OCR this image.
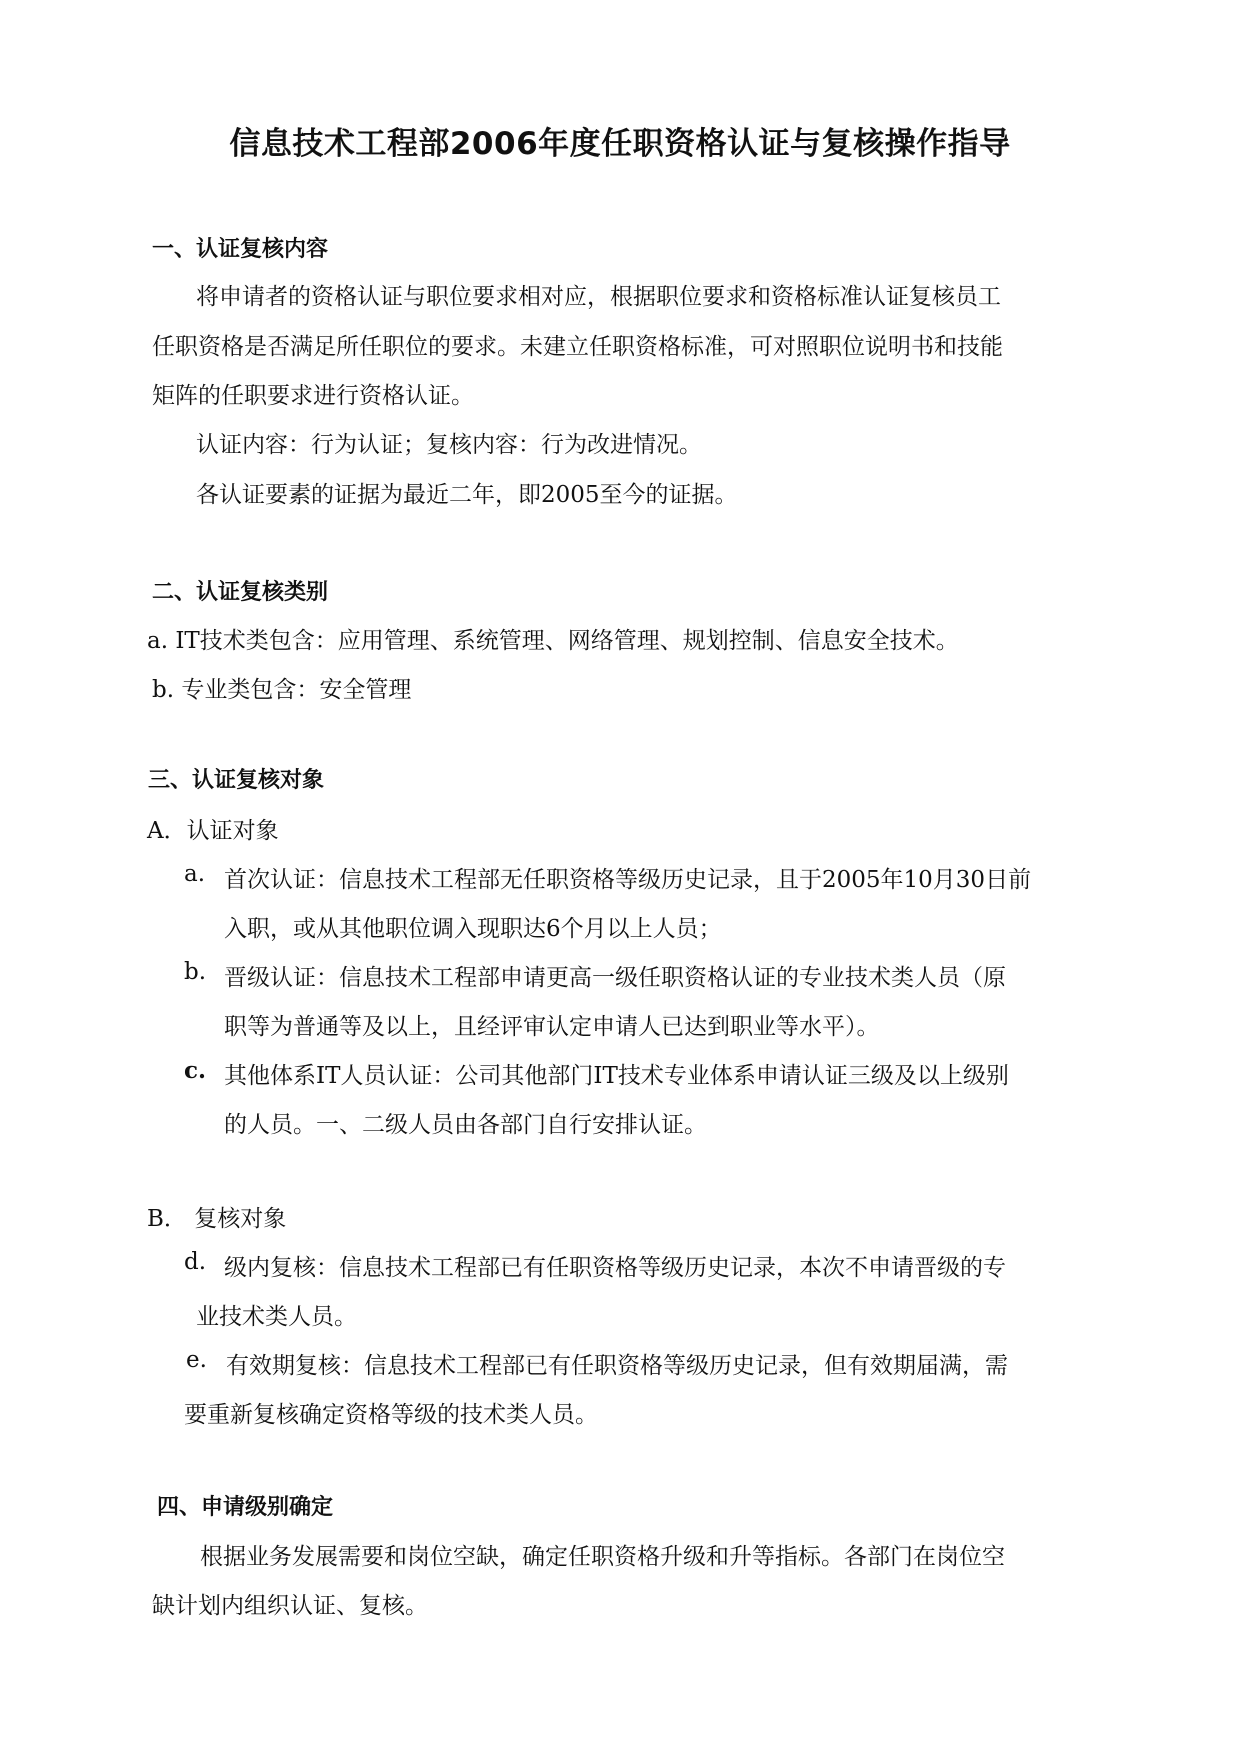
信息技术工程部2006年度任职资格认证与复核操作指导
一、认证复核内容
将申请者的资格认证与职位要求相对应，根据职位要求和资格标准认证复核员工
任职资格是否满足所任职位的要求。未建立任职资格标准，可对照职位说明书和技能
矩阵的任职要求进行资格认证。
认证内容：行为认证；复核内容：行为改进情况。
各认证要素的证据为最近二年，即2005至今的证据。
二、认证复核类别
a. IT技术类包含：应用管理、系统管理、网络管理、规划控制、信息安全技术。
b. 专业类包含：安全管理
三、认证复核对象
A．认证对象
a. 首次认证：信息技术工程部无任职资格等级历史记录，且于2005年10月30日前
入职，或从其他职位调入现职达6个月以上人员；
b. 晋级认证：信息技术工程部申请更高一级任职资格认证的专业技术类人员（原
职等为普通等及以上，且经评审认定申请人已达到职业等水平）。
c. 其他体系IT人员认证：公司其他部门IT技术专业体系申请认证三级及以上级别
的人员。一、二级人员由各部门自行安排认证。
B． 复核对象
d. 级内复核：信息技术工程部已有任职资格等级历史记录，本次不申请晋级的专
业技术类人员。
e. 有效期复核：信息技术工程部已有任职资格等级历史记录，但有效期届满，需
要重新复核确定资格等级的技术类人员。
四、申请级别确定
根据业务发展需要和岗位空缺，确定任职资格升级和升等指标。各部门在岗位空
缺计划内组织认证、复核。
